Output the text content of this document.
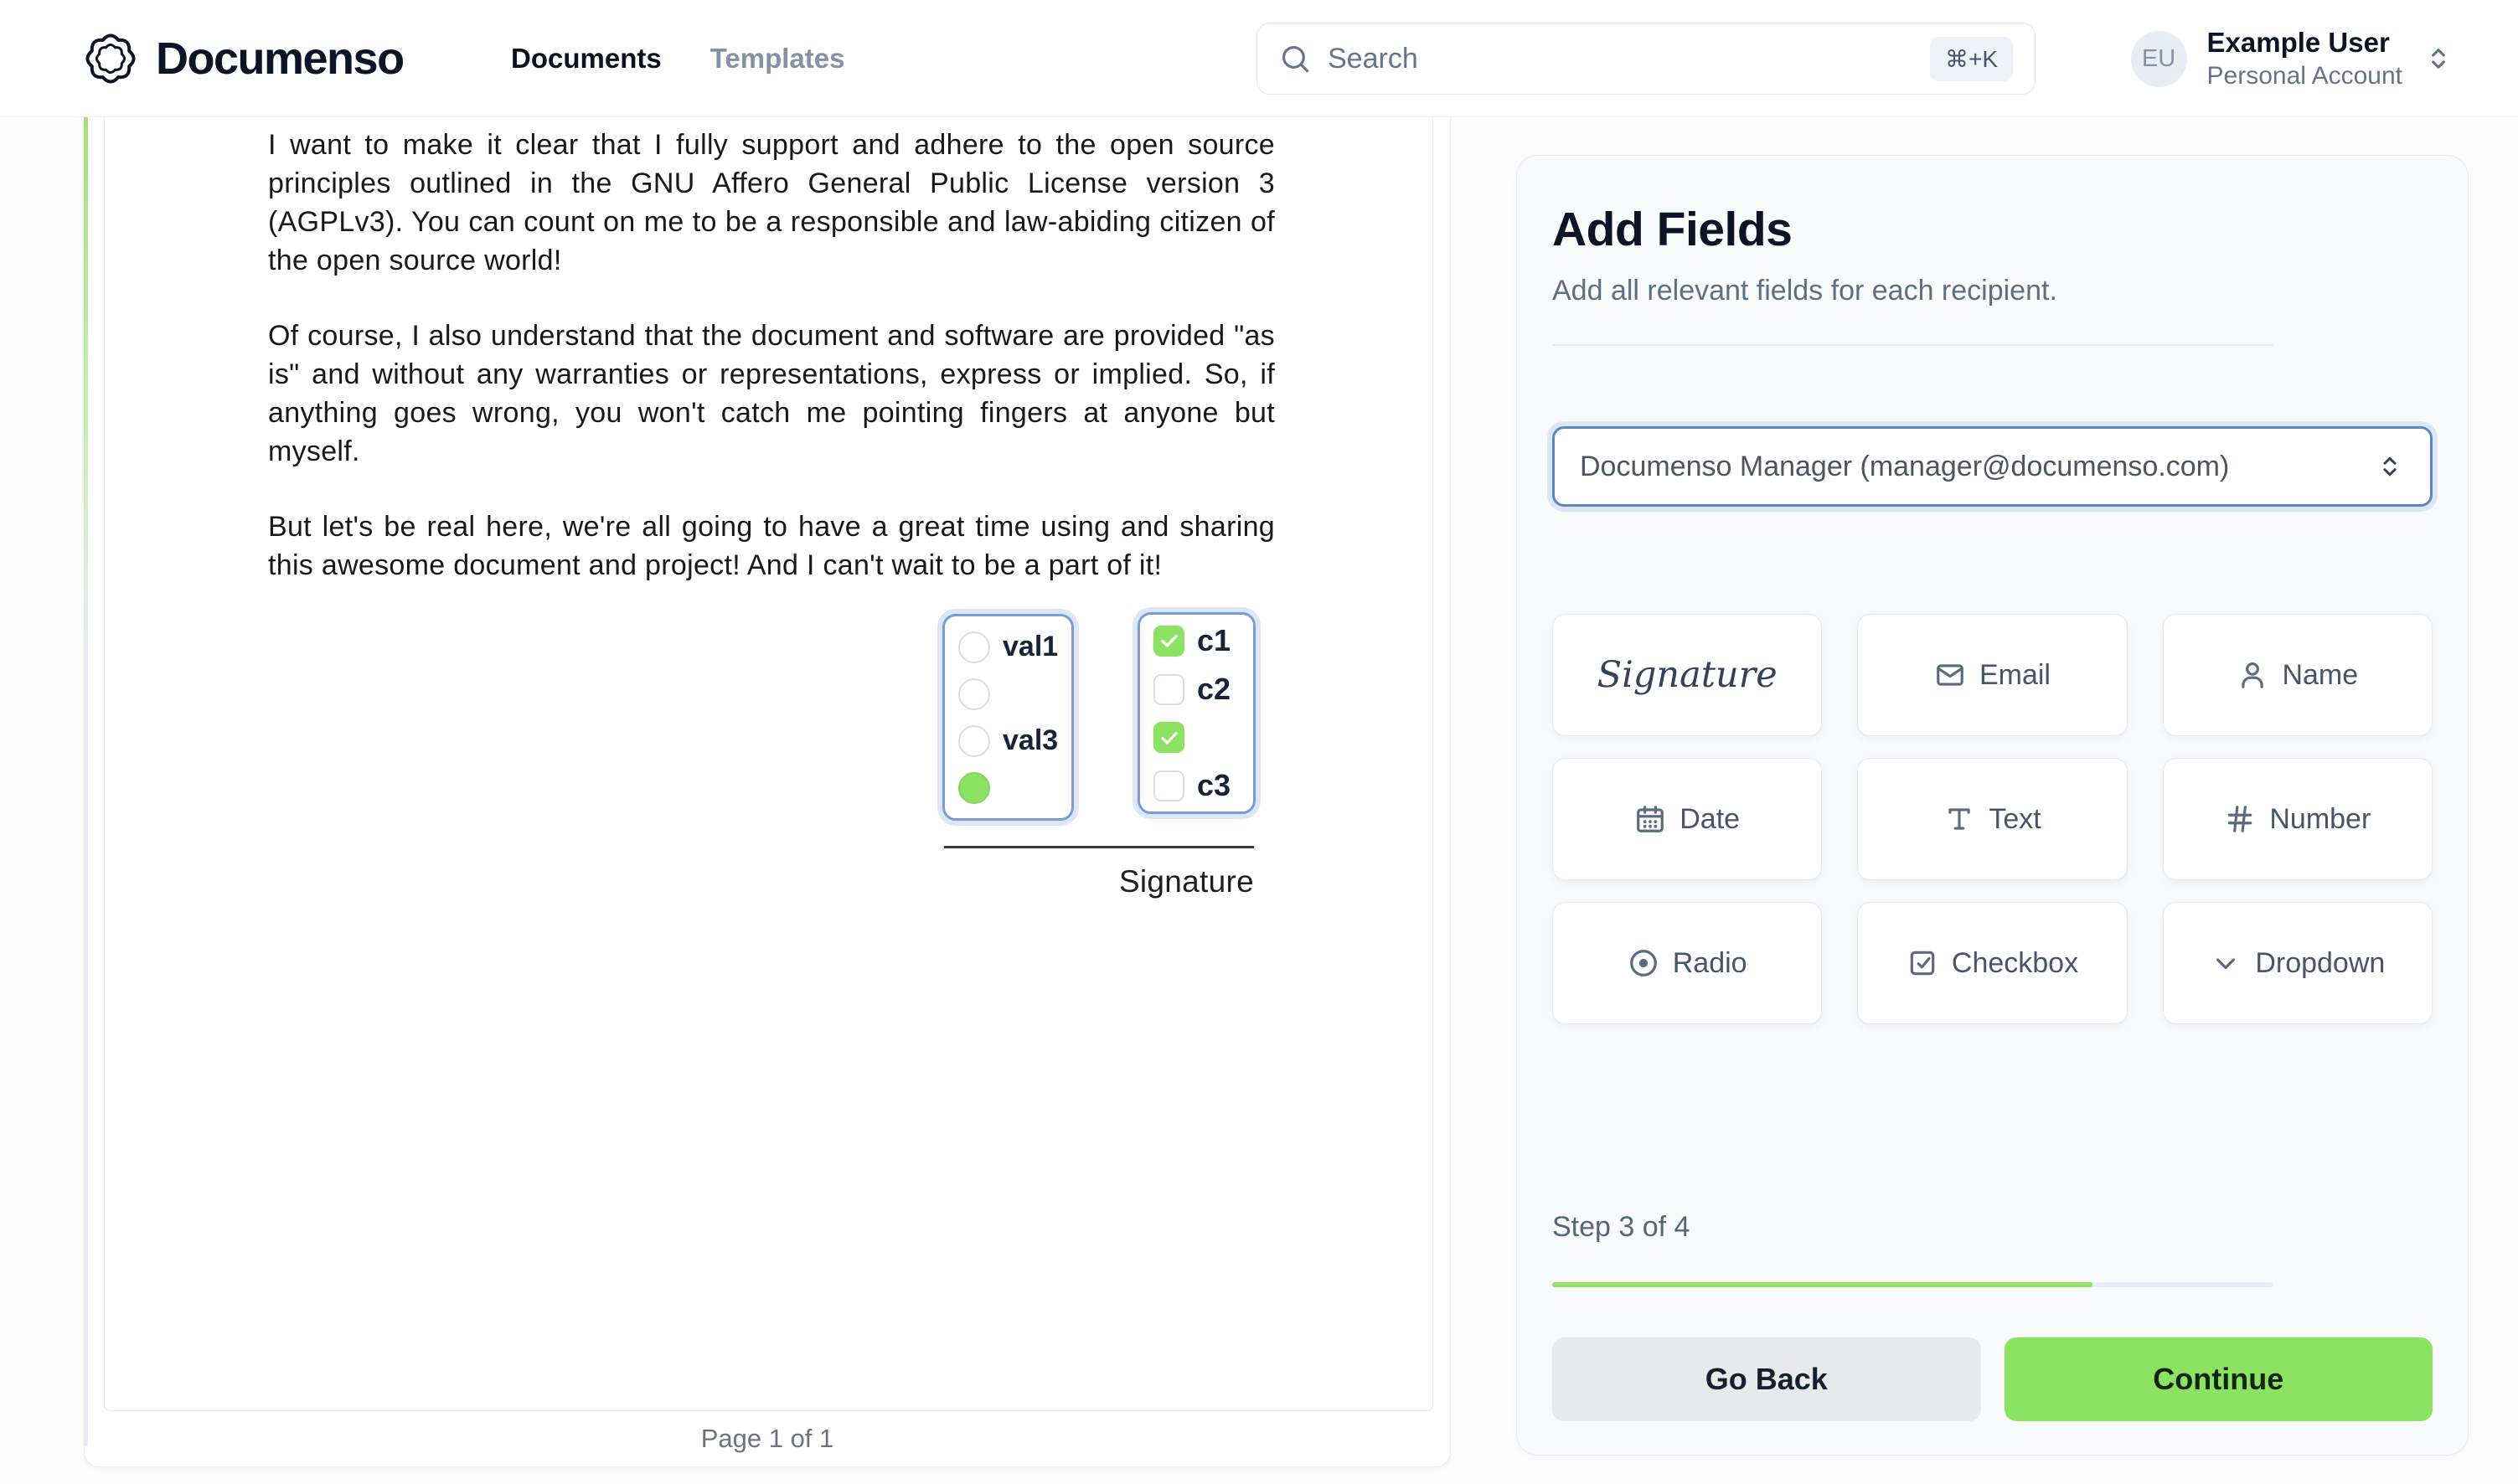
Documenso	Documents Templates
Search	⌘+K	EU
Example User
Personal Account

I want to make it clear that I fully support and adhere to the open source principles outlined in the GNU Affero General Public License version 3 (AGPLv3). You can count on me to be a responsible and law-abiding citizen of the open source world!

Of course, I also understand that the document and software are provided "as is" and without any warranties or representations, express or implied. So, if anything goes wrong, you won't catch me pointing fingers at anyone but myself.

But let's be real here, we're all going to have a great time using and sharing this awesome document and project! And I can't wait to be a part of it!

val1
val3
c1
c2
c3
Signature
Page 1 of 1
Add Fields

Add all relevant fields for each recipient.

Documenso Manager (manager@documenso.com)
Signature	Email	Name
Date	Text	Number
Radio	Checkbox	Dropdown
Step 3 of 4
Go Back	Continue
